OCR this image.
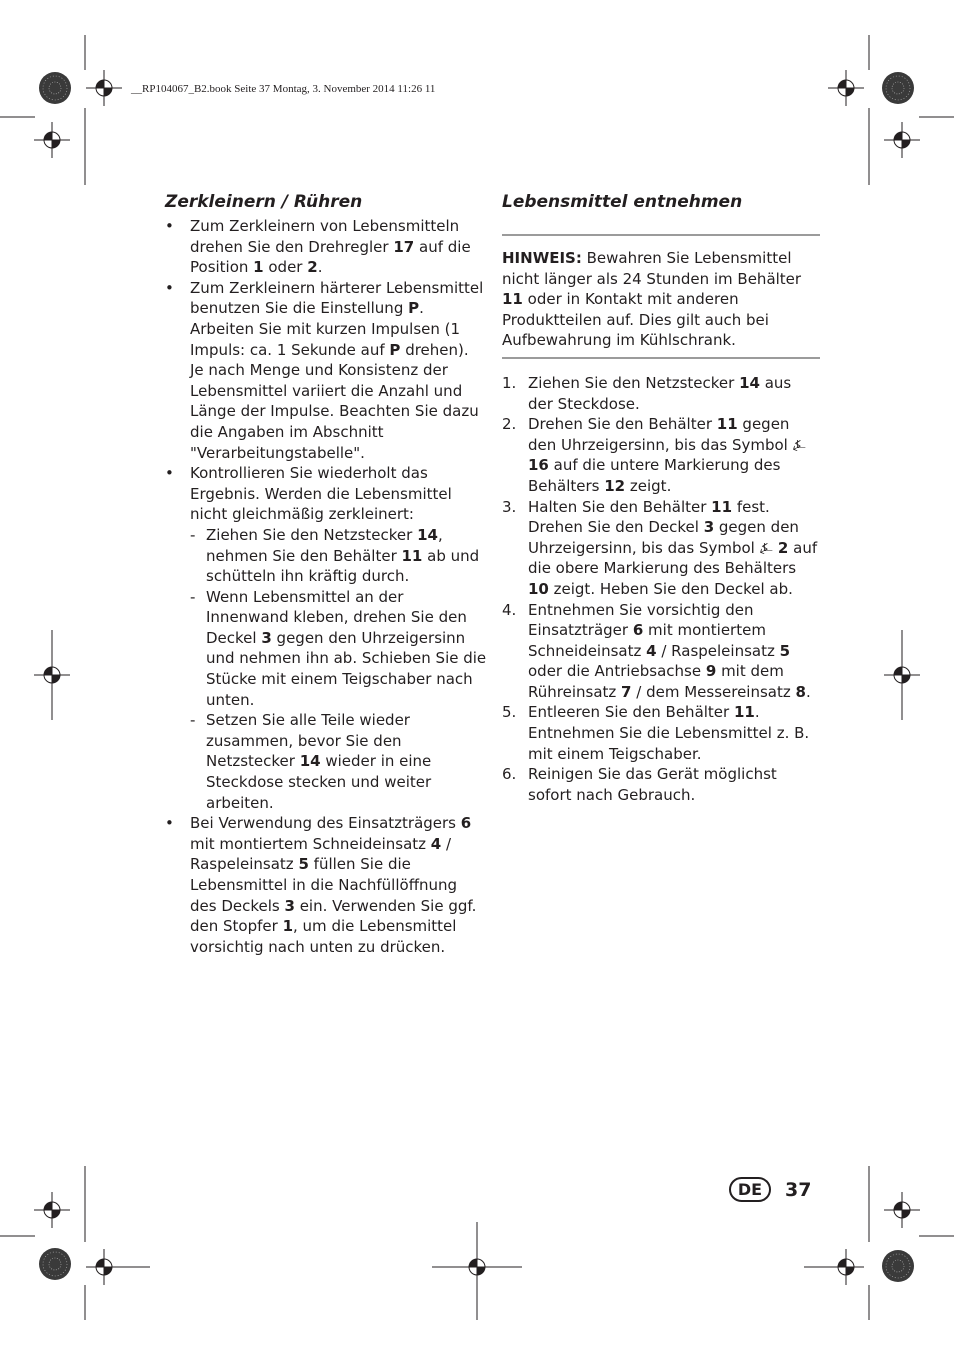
__RP104067_B2.book Seite 37 Montag, 3. November 2014 11:26 11
Zerkleinern / Rühren
• Zum Zerkleinern von Lebensmitteln drehen Sie den Drehregler 17 auf die Position 1 oder 2.
• Zum Zerkleinern härterer Lebensmittel benutzen Sie die Einstellung P. Arbeiten Sie mit kurzen Impulsen (1 Impuls: ca. 1 Sekunde auf P drehen). Je nach Menge und Konsistenz der Lebensmittel variiert die Anzahl und Länge der Impulse. Beachten Sie dazu die Angaben im Abschnitt "Verarbeitungstabelle".
• Kontrollieren Sie wiederholt das Ergebnis. Werden die Lebensmittel nicht gleichmäßig zerkleinert:
- Ziehen Sie den Netzstecker 14, nehmen Sie den Behälter 11 ab und schütteln ihn kräftig durch.
- Wenn Lebensmittel an der Innenwand kleben, drehen Sie den Deckel 3 gegen den Uhrzeigersinn und nehmen ihn ab. Schieben Sie die Stücke mit einem Teigschaber nach unten.
- Setzen Sie alle Teile wieder zusammen, bevor Sie den Netzstecker 14 wieder in eine Steckdose stecken und weiter arbeiten.
• Bei Verwendung des Einsatzträgers 6 mit montiertem Schneideinsatz 4 / Raspeleinsatz 5 füllen Sie die Lebensmittel in die Nachfüllöffnung des Deckels 3 ein. Verwenden Sie ggf. den Stopfer 1, um die Lebensmittel vorsichtig nach unten zu drücken.
Lebensmittel entnehmen
HINWEIS: Bewahren Sie Lebensmittel nicht länger als 24 Stunden im Behälter 11 oder in Kontakt mit anderen Produktteilen auf. Dies gilt auch bei Aufbewahrung im Kühlschrank.
1. Ziehen Sie den Netzstecker 14 aus der Steckdose.
2. Drehen Sie den Behälter 11 gegen den Uhrzeigersinn, bis das Symbol ⍼ 16 auf die untere Markierung des Behälters 12 zeigt.
3. Halten Sie den Behälter 11 fest. Drehen Sie den Deckel 3 gegen den Uhrzeigersinn, bis das Symbol ⍼ 2 auf die obere Markierung des Behälters 10 zeigt. Heben Sie den Deckel ab.
4. Entnehmen Sie vorsichtig den Einsatzträger 6 mit montiertem Schneideinsatz 4 / Raspeleinsatz 5 oder die Antriebsachse 9 mit dem Rühreinsatz 7 / dem Messereinsatz 8.
5. Entleeren Sie den Behälter 11. Entnehmen Sie die Lebensmittel z. B. mit einem Teigschaber.
6. Reinigen Sie das Gerät möglichst sofort nach Gebrauch.
DE	37
